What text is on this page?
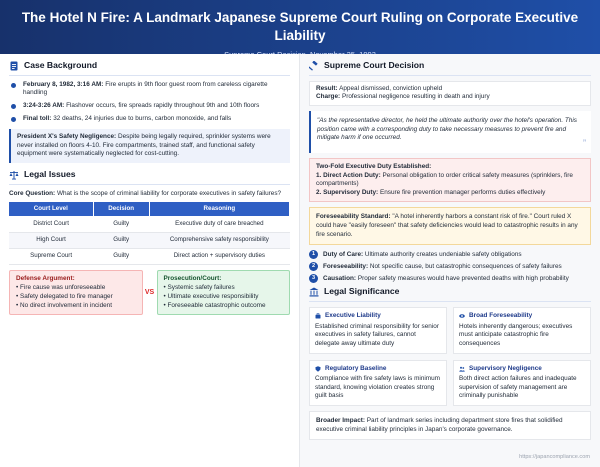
The Hotel N Fire: A Landmark Japanese Supreme Court Ruling on Corporate Executive Liability
Case Background
February 8, 1982, 3:16 AM: Fire erupts in 9th floor guest room from careless cigarette handling
3:24-3:26 AM: Flashover occurs, fire spreads rapidly throughout 9th and 10th floors
Final toll: 32 deaths, 24 injuries due to burns, carbon monoxide, and falls
President X's Safety Negligence: Despite being legally required, sprinkler systems were never installed on floors 4-10. Fire compartments, trained staff, and functional safety equipment were systematically neglected for cost-cutting.
Legal Issues
Core Question: What is the scope of criminal liability for corporate executives in safety failures?
Court Level	Decision	Reasoning
District Court	Guilty	Executive duty of care breached
High Court	Guilty	Comprehensive safety responsibility
Supreme Court	Guilty	Direct action + supervisory duties
Defense Argument:
• Fire cause was unforeseeable
• Safety delegated to fire manager
• No direct involvement in incident
VS
Prosecution/Court:
• Systemic safety failures
• Ultimate executive responsibility
• Foreseeable catastrophic outcome
Supreme Court Decision
Result: Appeal dismissed, conviction upheld
Charge: Professional negligence resulting in death and injury
"As the representative director, he held the ultimate authority over the hotel's operation. This position came with a corresponding duty to take necessary measures to prevent fire and mitigate harm if one occurred.
”
Two-Fold Executive Duty Established:
1. Direct Action Duty: Personal obligation to order critical safety measures (sprinklers, fire compartments)
2. Supervisory Duty: Ensure fire prevention manager performs duties effectively
Foreseeability Standard: "A hotel inherently harbors a constant risk of fire." Court ruled X could have "easily foreseen" that safety deficiencies would lead to catastrophic results in any fire scenario.
1	Duty of Care: Ultimate authority creates undeniable safety obligations
2	Foreseeability: Not specific cause, but catastrophic consequences of safety failures
3	Causation: Proper safety measures would have prevented deaths with high probability
Legal Significance
Executive Liability
Established criminal responsibility for senior executives in safety failures, cannot delegate away ultimate duty
Broad Foreseeability
Hotels inherently dangerous; executives must anticipate catastrophic fire consequences
Regulatory Baseline
Compliance with fire safety laws is minimum standard, knowing violation creates strong guilt basis
Supervisory Negligence
Both direct action failures and inadequate supervision of safety management are criminally punishable
Broader Impact: Part of landmark series including department store fires that solidified executive criminal liability principles in Japan's corporate governance.
https://japancompliance.com
